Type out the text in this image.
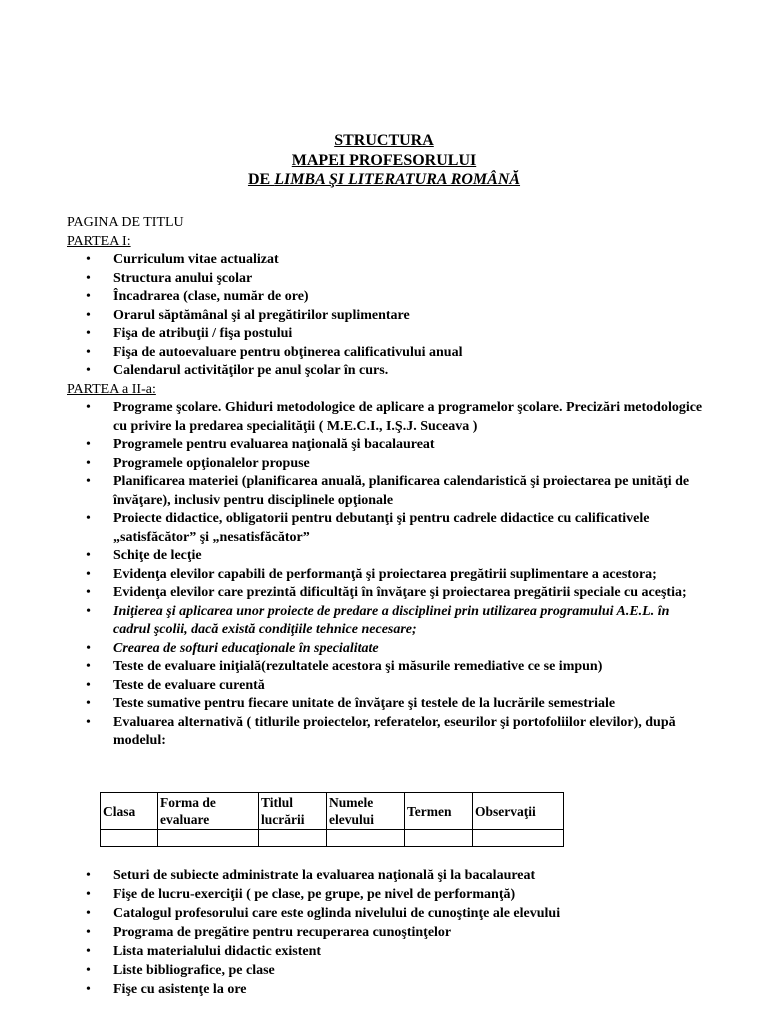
STRUCTURA
MAPEI PROFESORULUI
DE LIMBA ŞI LITERATURA ROMÂNĂ
PAGINA DE TITLU
PARTEA I:
• Curriculum vitae actualizat
• Structura anului şcolar
• Încadrarea (clase, număr de ore)
• Orarul săptămânal şi al pregătirilor suplimentare
• Fişa de atribuţii / fişa postului
• Fişa de autoevaluare pentru obţinerea calificativului anual
• Calendarul activităţilor pe anul şcolar în curs.
PARTEA a II-a:
• Programe şcolare. Ghiduri metodologice de aplicare a programelor şcolare. Precizări metodologice cu privire la predarea specialităţii ( M.E.C.I., I.Ş.J. Suceava )
• Programele pentru evaluarea naţională şi bacalaureat
• Programele opţionalelor propuse
• Planificarea materiei (planificarea anuală, planificarea calendaristică şi proiectarea pe unităţi de învăţare), inclusiv pentru disciplinele opţionale
• Proiecte didactice, obligatorii pentru debutanţi şi pentru cadrele didactice cu calificativele „satisfăcător” şi „nesatisfăcător”
• Schiţe de lecţie
• Evidenţa elevilor capabili de performanţă şi proiectarea pregătirii suplimentare a acestora;
• Evidenţa elevilor care prezintă dificultăţi în învăţare şi proiectarea pregătirii speciale cu aceştia;
• Iniţierea şi aplicarea unor proiecte de predare a disciplinei prin utilizarea programului A.E.L. în cadrul şcolii, dacă există condiţiile tehnice necesare;
• Crearea de softuri educaţionale în specialitate
• Teste de evaluare iniţială(rezultatele acestora şi măsurile remediative ce se impun)
• Teste de evaluare curentă
• Teste sumative pentru fiecare unitate de învăţare şi testele de la lucrările semestriale
• Evaluarea alternativă ( titlurile proiectelor, referatelor, eseurilor şi portofoliilor elevilor), după modelul:
Clasa	Forma de evaluare	Titlul lucrării	Numele elevului	Termen	Observaţii

• Seturi de subiecte administrate la evaluarea naţională şi la bacalaureat
• Fişe de lucru-exerciţii ( pe clase, pe grupe, pe nivel de performanţă)
• Catalogul profesorului care este oglinda nivelului de cunoştinţe ale elevului
• Programa de pregătire pentru recuperarea cunoştinţelor
• Lista materialului didactic existent
• Liste bibliografice, pe clase
• Fişe cu asistenţe la ore
